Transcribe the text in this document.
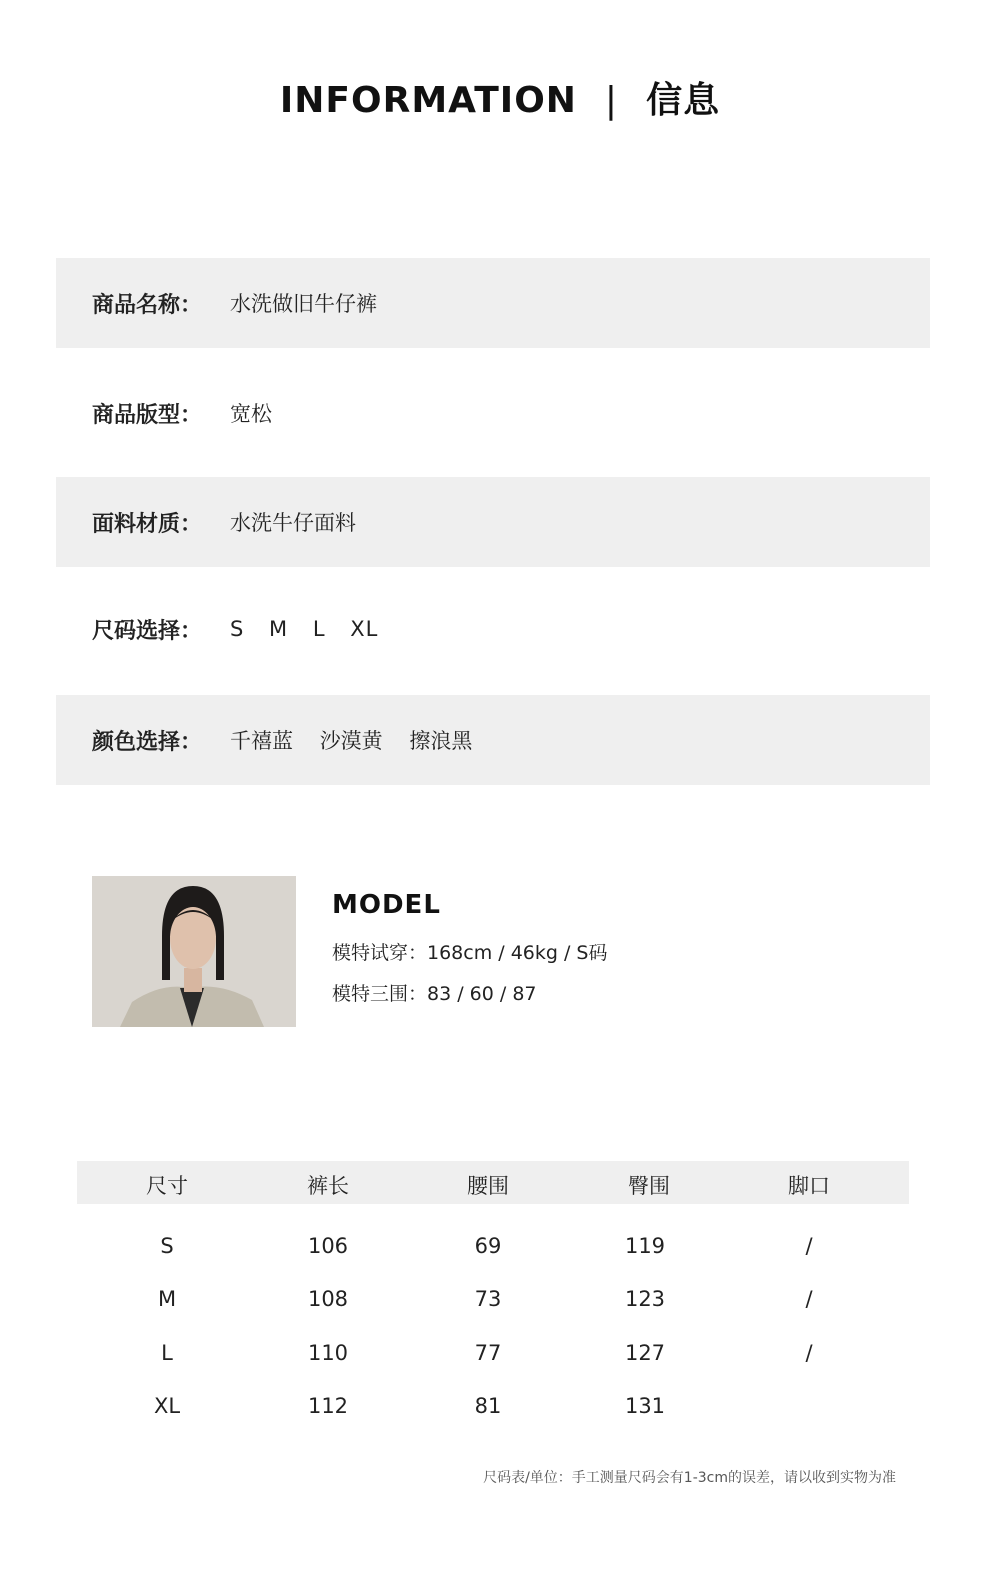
INFORMATION | 信息
商品名称：	水洗做旧牛仔裤
商品版型：	宽松
面料材质：	水洗牛仔面料
尺码选择：	S M L XL
颜色选择：	千禧蓝 沙漠黄 擦浪黑
MODEL
模特试穿：168cm / 46kg / S码
模特三围：83 / 60 / 87
尺寸	裤长	腰围	臀围	脚口
S	106	69	119	/
M	108	73	123	/
L	110	77	127	/
XL	112	81	131
尺码表/单位：手工测量尺码会有1-3cm的误差，请以收到实物为准
